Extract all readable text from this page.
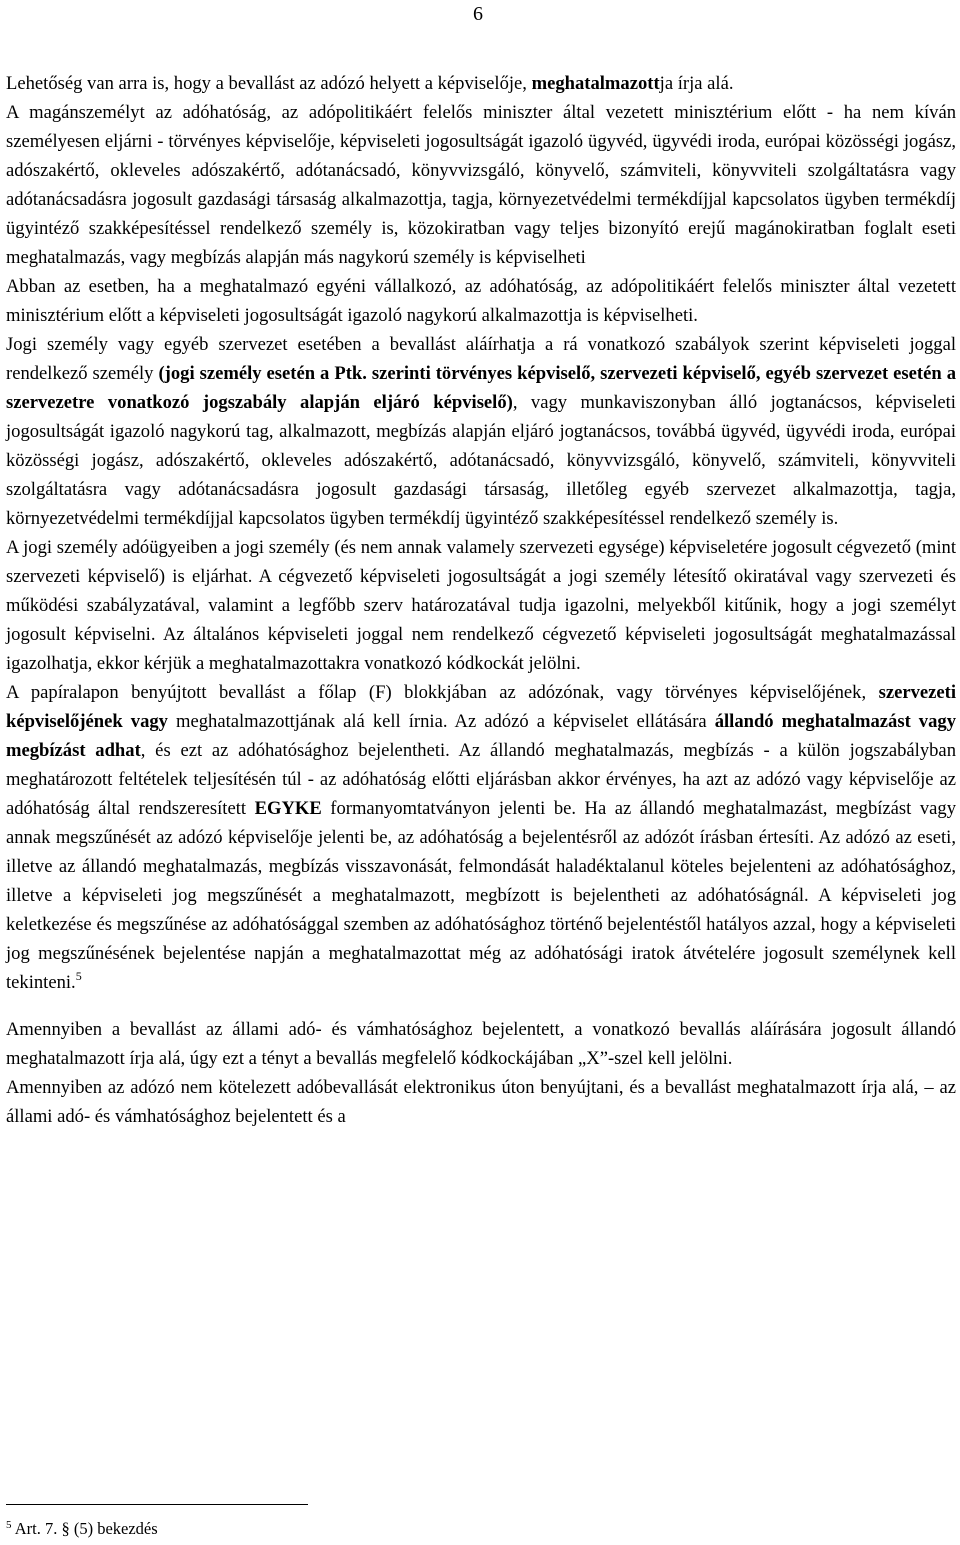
6

Lehetőség van arra is, hogy a bevallást az adózó helyett a képviselője, meghatalmazottja írja alá.

A magánszemélyt az adóhatóság, az adópolitikáért felelős miniszter által vezetett minisztérium előtt - ha nem kíván személyesen eljárni - törvényes képviselője, képviseleti jogosultságát igazoló ügyvéd, ügyvédi iroda, európai közösségi jogász, adószakértő, okleveles adószakértő, adótanácsadó, könyvvizsgáló, könyvelő, számviteli, könyvviteli szolgáltatásra vagy adótanácsadásra jogosult gazdasági társaság alkalmazottja, tagja, környezetvédelmi termékdíjjal kapcsolatos ügyben termékdíj ügyintéző szakképesítéssel rendelkező személy is, közokiratban vagy teljes bizonyító erejű magánokiratban foglalt eseti meghatalmazás, vagy megbízás alapján más nagykorú személy is képviselheti

Abban az esetben, ha a meghatalmazó egyéni vállalkozó, az adóhatóság, az adópolitikáért felelős miniszter által vezetett minisztérium előtt a képviseleti jogosultságát igazoló nagykorú alkalmazottja is képviselheti.

Jogi személy vagy egyéb szervezet esetében a bevallást aláírhatja a rá vonatkozó szabályok szerint képviseleti joggal rendelkező személy (jogi személy esetén a Ptk. szerinti törvényes képviselő, szervezeti képviselő, egyéb szervezet esetén a szervezetre vonatkozó jogszabály alapján eljáró képviselő), vagy munkaviszonyban álló jogtanácsos, képviseleti jogosultságát igazoló nagykorú tag, alkalmazott, megbízás alapján eljáró jogtanácsos, továbbá ügyvéd, ügyvédi iroda, európai közösségi jogász, adószakértő, okleveles adószakértő, adótanácsadó, könyvvizsgáló, könyvelő, számviteli, könyvviteli szolgáltatásra vagy adótanácsadásra jogosult gazdasági társaság, illetőleg egyéb szervezet alkalmazottja, tagja, környezetvédelmi termékdíjjal kapcsolatos ügyben termékdíj ügyintéző szakképesítéssel rendelkező személy is.

A jogi személy adóügyeiben a jogi személy (és nem annak valamely szervezeti egysége) képviseletére jogosult cégvezető (mint szervezeti képviselő) is eljárhat. A cégvezető képviseleti jogosultságát a jogi személy létesítő okiratával vagy szervezeti és működési szabályzatával, valamint a legfőbb szerv határozatával tudja igazolni, melyekből kitűnik, hogy a jogi személyt jogosult képviselni. Az általános képviseleti joggal nem rendelkező cégvezető képviseleti jogosultságát meghatalmazással igazolhatja, ekkor kérjük a meghatalmazottakra vonatkozó kódkockát jelölni.

A papíralapon benyújtott bevallást a főlap (F) blokkjában az adózónak, vagy törvényes képviselőjének, szervezeti képviselőjének vagy meghatalmazottjának alá kell írnia. Az adózó a képviselet ellátására állandó meghatalmazást vagy megbízást adhat, és ezt az adóhatósághoz bejelentheti. Az állandó meghatalmazás, megbízás - a külön jogszabályban meghatározott feltételek teljesítésén túl - az adóhatóság előtti eljárásban akkor érvényes, ha azt az adózó vagy képviselője az adóhatóság által rendszeresített EGYKE formanyomtatványon jelenti be. Ha az állandó meghatalmazást, megbízást vagy annak megszűnését az adózó képviselője jelenti be, az adóhatóság a bejelentésről az adózót írásban értesíti. Az adózó az eseti, illetve az állandó meghatalmazás, megbízás visszavonását, felmondását haladéktalanul köteles bejelenteni az adóhatósághoz, illetve a képviseleti jog megszűnését a meghatalmazott, megbízott is bejelentheti az adóhatóságnál. A képviseleti jog keletkezése és megszűnése az adóhatósággal szemben az adóhatósághoz történő bejelentéstől hatályos azzal, hogy a képviseleti jog megszűnésének bejelentése napján a meghatalmazottat még az adóhatósági iratok átvételére jogosult személynek kell tekinteni.$^5$

Amennyiben a bevallást az állami adó- és vámhatósághoz bejelentett, a vonatkozó bevallás aláírására jogosult állandó meghatalmazott írja alá, úgy ezt a tényt a bevallás megfelelő kódkockájában „X”-szel kell jelölni.

Amennyiben az adózó nem kötelezett adóbevallását elektronikus úton benyújtani, és a bevallást meghatalmazott írja alá, – az állami adó- és vámhatósághoz bejelentett és a

$^5$ Art. 7. § (5) bekezdés
